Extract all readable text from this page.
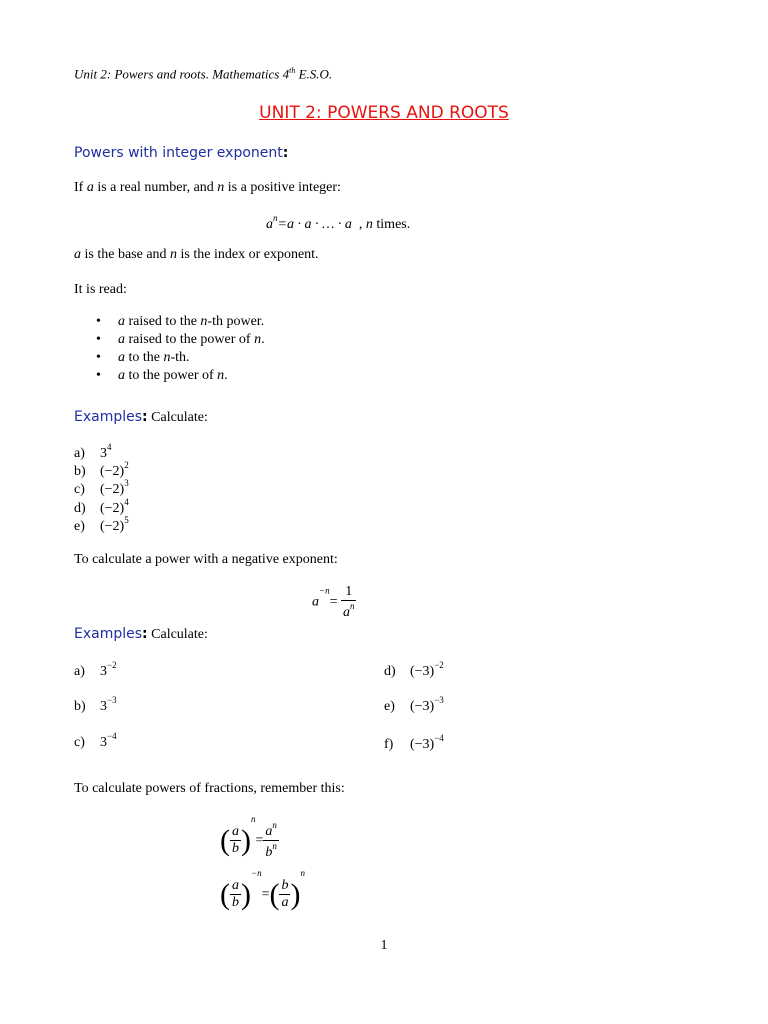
Unit 2: Powers and roots. Mathematics 4th E.S.O.
UNIT 2: POWERS AND ROOTS
Powers with integer exponent:
If a is a real number, and n is a positive integer:
$a^n=a \cdot a$ · … · a  , n times.
a is the base and n is the index or exponent.
It is read:
• a raised to the n-th power.
• a raised to the power of n.
• a to the n-th.
• a to the power of n.
Examples: Calculate:
a) $3^4$
b) $(-2)^2$
c) $(-2)^3$
d) $(-2)^4$
e) $(-2)^5$
To calculate a power with a negative exponent:
$a^{-n}= \frac{1}{a^n}$
Examples: Calculate:
a) $3^{-2}$
b) $3^{-3}$
c) $3^{-4}$
d) $(-3)^{-2}$
e) $(-3)^{-3}$
f) $(-3)^{-4}$
To calculate powers of fractions, remember this:
( $\frac{a}{b} )^n= \frac{a^n}{b^n}$
( $\frac{a}{b} )^{-n}=( \frac{b}{a} )^n$
1
